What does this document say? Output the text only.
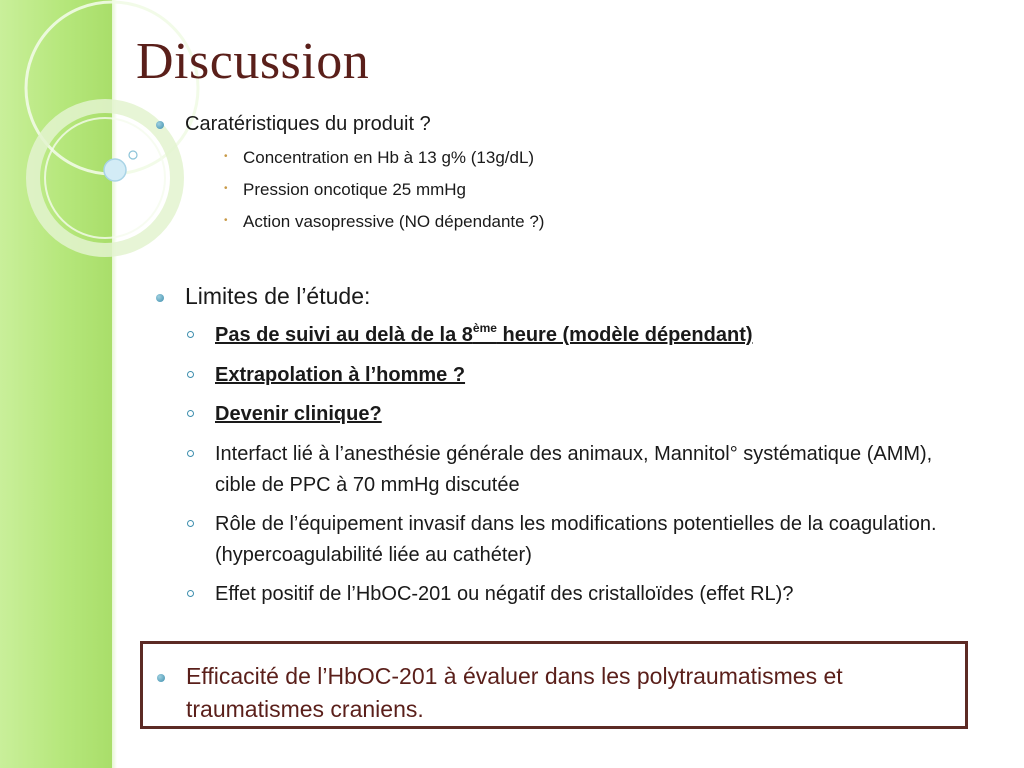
Discussion
Caratéristiques du produit ?
• Concentration en Hb à 13 g% (13g/dL)
• Pression oncotique 25 mmHg
• Action vasopressive (NO dépendante ?)
Limites de l’étude:
Pas de suivi au delà de la 8ème heure (modèle dépendant)
Extrapolation à l’homme ?
Devenir clinique?
Interfact lié à l’anesthésie générale des animaux, Mannitol° systématique (AMM), cible de PPC à 70 mmHg discutée
Rôle de l’équipement invasif dans les modifications potentielles de la coagulation. (hypercoagulabilité liée au cathéter)
Effet positif de l’HbOC-201 ou négatif des cristalloïdes (effet RL)?
Efficacité de l’HbOC-201 à évaluer dans les polytraumatismes et traumatismes craniens.
